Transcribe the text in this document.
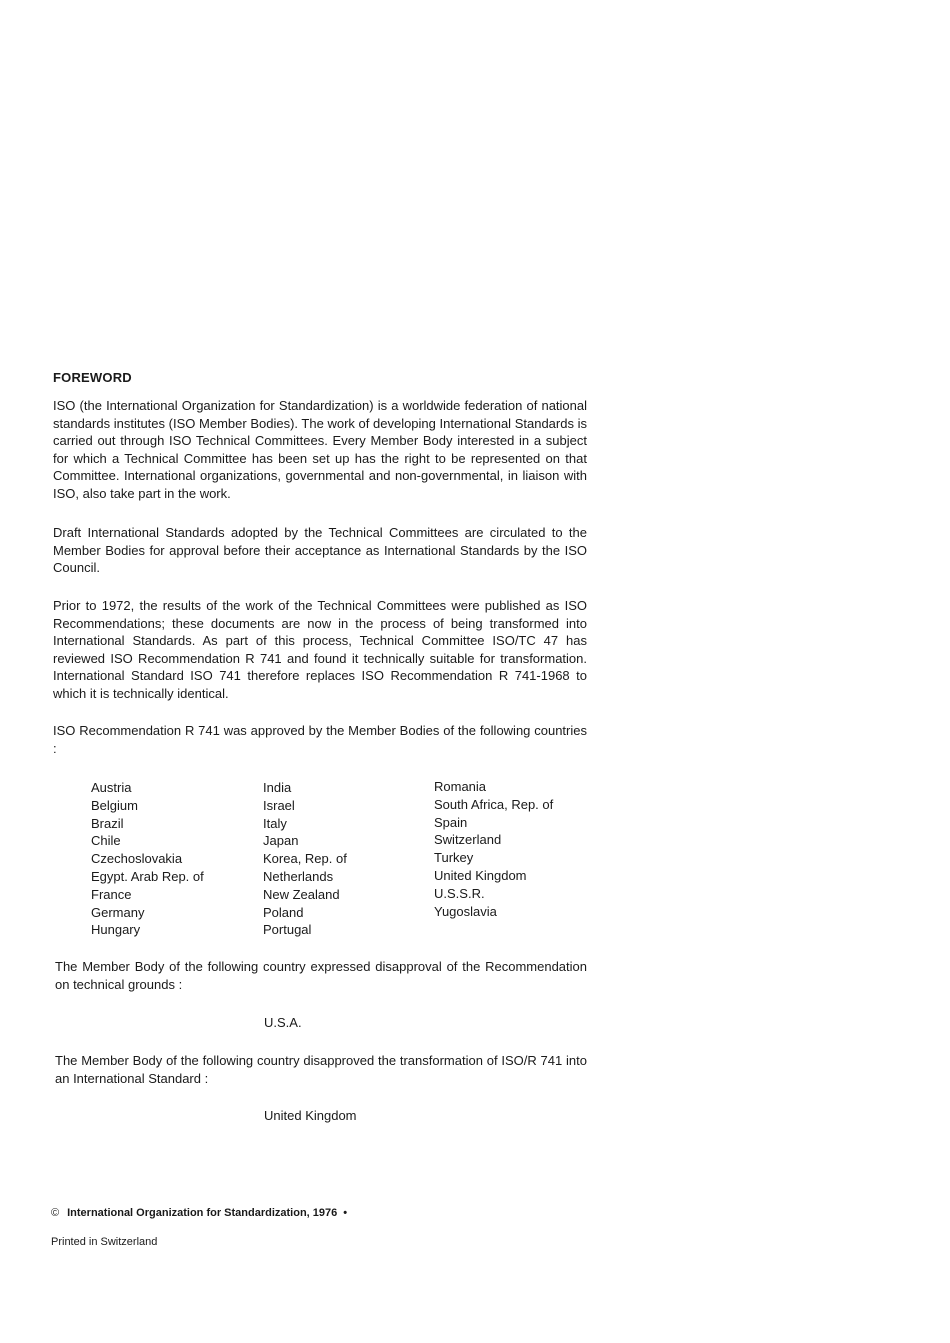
FOREWORD

ISO (the International Organization for Standardization) is a worldwide federation of national standards institutes (ISO Member Bodies). The work of developing International Standards is carried out through ISO Technical Committees. Every Member Body interested in a subject for which a Technical Committee has been set up has the right to be represented on that Committee. International organizations, governmental and non-governmental, in liaison with ISO, also take part in the work.

Draft International Standards adopted by the Technical Committees are circulated to the Member Bodies for approval before their acceptance as International Standards by the ISO Council.

Prior to 1972, the results of the work of the Technical Committees were published as ISO Recommendations; these documents are now in the process of being transformed into International Standards. As part of this process, Technical Committee ISO/TC 47 has reviewed ISO Recommendation R 741 and found it technically suitable for transformation. International Standard ISO 741 therefore replaces ISO Recommendation R 741-1968 to which it is technically identical.

ISO Recommendation R 741 was approved by the Member Bodies of the following countries :

Austria
Belgium
Brazil
Chile
Czechoslovakia
Egypt. Arab Rep. of
France
Germany
Hungary
India
Israel
Italy
Japan
Korea, Rep. of
Netherlands
New Zealand
Poland
Portugal
Romania
South Africa, Rep. of
Spain
Switzerland
Turkey
United Kingdom
U.S.S.R.
Yugoslavia

The Member Body of the following country expressed disapproval of the Recommendation on technical grounds :

U.S.A.

The Member Body of the following country disapproved the transformation of ISO/R 741 into an International Standard :

United Kingdom
© International Organization for Standardization, 1976 •
Printed in Switzerland
